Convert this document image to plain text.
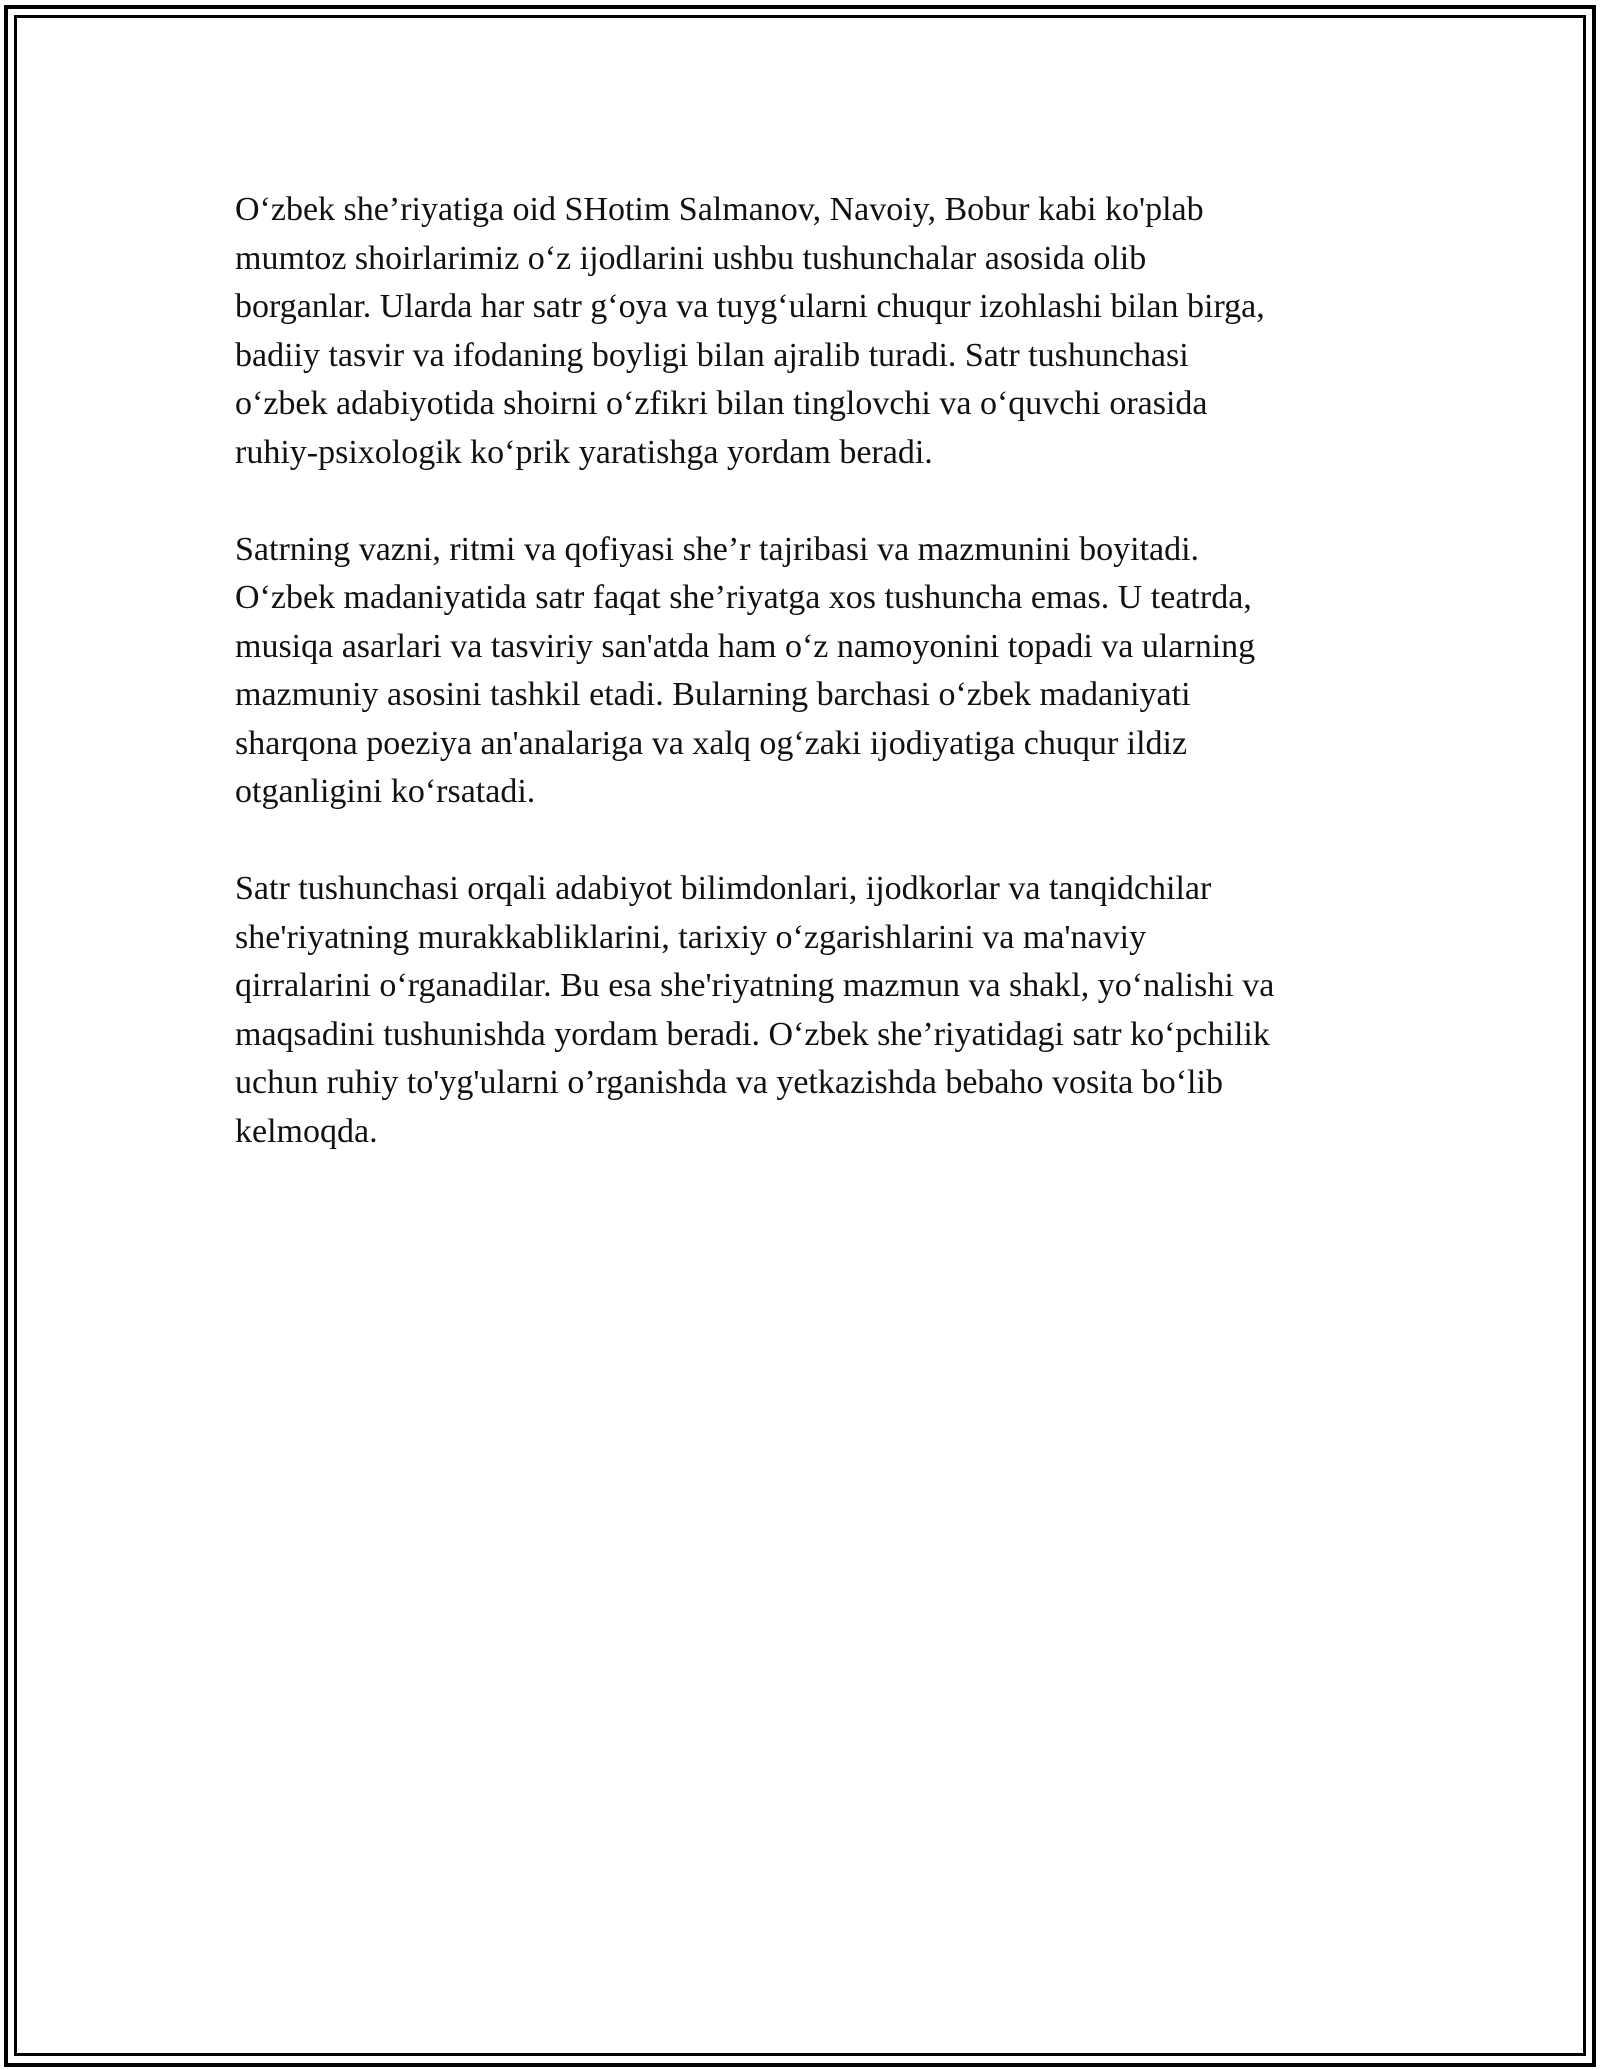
O‘zbek she’riyatiga oid SHotim Salmanov, Navoiy, Bobur kabi ko'plab
mumtoz shoirlarimiz o‘z ijodlarini ushbu tushunchalar asosida olib
borganlar. Ularda har satr g‘oya va tuyg‘ularni chuqur izohlashi bilan birga,
badiiy tasvir va ifodaning boyligi bilan ajralib turadi. Satr tushunchasi
o‘zbek adabiyotida shoirni o‘zfikri bilan tinglovchi va o‘quvchi orasida
ruhiy-psixologik ko‘prik yaratishga yordam beradi.

Satrning vazni, ritmi va qofiyasi she’r tajribasi va mazmunini boyitadi.
O‘zbek madaniyatida satr faqat she’riyatga xos tushuncha emas. U teatrda,
musiqa asarlari va tasviriy san'atda ham o‘z namoyonini topadi va ularning
mazmuniy asosini tashkil etadi. Bularning barchasi o‘zbek madaniyati
sharqona poeziya an'analariga va xalq og‘zaki ijodiyatiga chuqur ildiz
otganligini ko‘rsatadi.

Satr tushunchasi orqali adabiyot bilimdonlari, ijodkorlar va tanqidchilar
she'riyatning murakkabliklarini, tarixiy o‘zgarishlarini va ma'naviy
qirralarini o‘rganadilar. Bu esa she'riyatning mazmun va shakl, yo‘nalishi va
maqsadini tushunishda yordam beradi. O‘zbek she’riyatidagi satr ko‘pchilik
uchun ruhiy to'yg'ularni o’rganishda va yetkazishda bebaho vosita bo‘lib
kelmoqda.
